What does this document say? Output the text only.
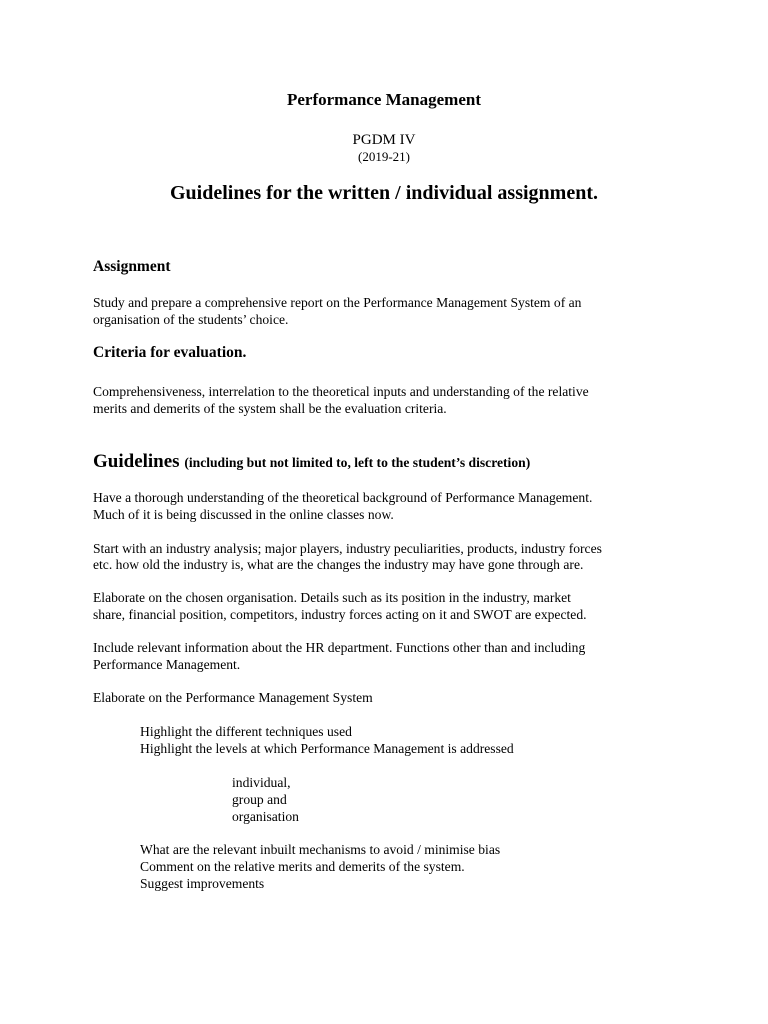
Performance Management
PGDM IV
(2019-21)
Guidelines for the written / individual assignment.
Assignment
Study and prepare a comprehensive report on the Performance Management System of an
organisation of the students’ choice.
Criteria for evaluation.
Comprehensiveness, interrelation to the theoretical inputs and understanding of the relative
merits and demerits of the system shall be the evaluation criteria.
Guidelines (including but not limited to, left to the student’s discretion)
Have a thorough understanding of the theoretical background of Performance Management.
Much of it is being discussed in the online classes now.
Start with an industry analysis; major players, industry peculiarities, products, industry forces
etc. how old the industry is, what are the changes the industry may have gone through are.
Elaborate on the chosen organisation. Details such as its position in the industry, market
share, financial position, competitors, industry forces acting on it and SWOT are expected.
Include relevant information about the HR department. Functions other than and including
Performance Management.
Elaborate on the Performance Management System
Highlight the different techniques used
Highlight the levels at which Performance Management is addressed
individual,
group and
organisation
What are the relevant inbuilt mechanisms to avoid / minimise bias
Comment on the relative merits and demerits of the system.
Suggest improvements
